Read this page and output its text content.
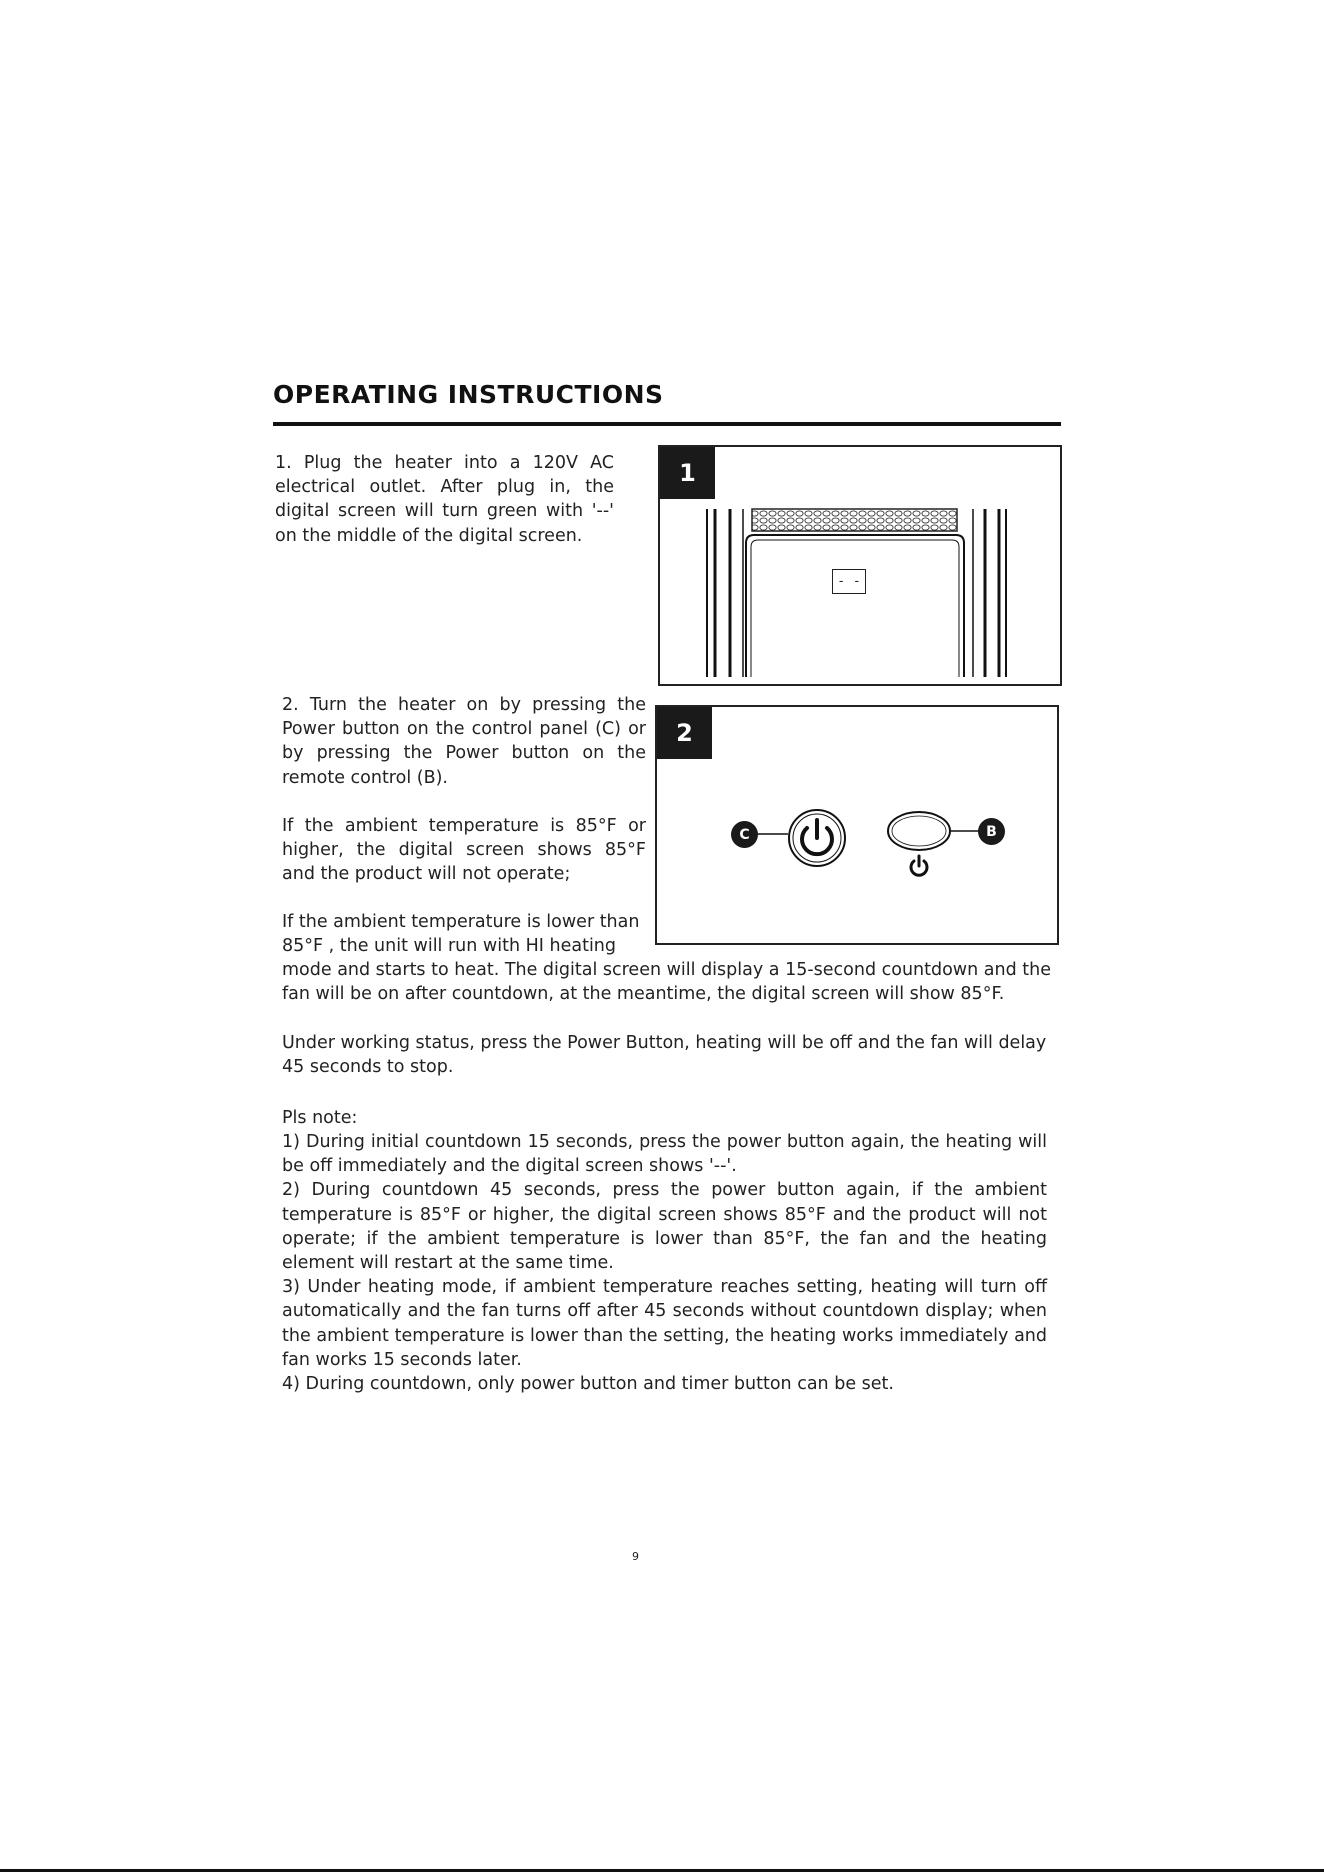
OPERATING INSTRUCTIONS

1. Plug the heater into a 120V AC electrical outlet. After plug in, the digital screen will turn green with '--' on the middle of the digital screen.

1
- -

2. Turn the heater on by pressing the Power button on the control panel (C) or by pressing the Power button on the remote control (B).

2
C	B

If the ambient temperature is 85°F or higher, the digital screen shows 85°F and the product will not operate;

If the ambient temperature is lower than 85°F , the unit will run with HI heating

mode and starts to heat. The digital screen will display a 15-second countdown and the fan will be on after countdown, at the meantime, the digital screen will show 85°F.

Under working status, press the Power Button, heating will be off and the fan will delay 45 seconds to stop.

Pls note:

1) During initial countdown 15 seconds, press the power button again, the heating will be off immediately and the digital screen shows '--'.

2) During countdown 45 seconds, press the power button again, if the ambient temperature is 85°F or higher, the digital screen shows 85°F and the product will not operate; if the ambient temperature is lower than 85°F, the fan and the heating element will restart at the same time.

3) Under heating mode, if ambient temperature reaches setting, heating will turn off automatically and the fan turns off after 45 seconds without countdown display; when the ambient temperature is lower than the setting, the heating works immediately and fan works 15 seconds later.

4) During countdown, only power button and timer button can be set.

9
